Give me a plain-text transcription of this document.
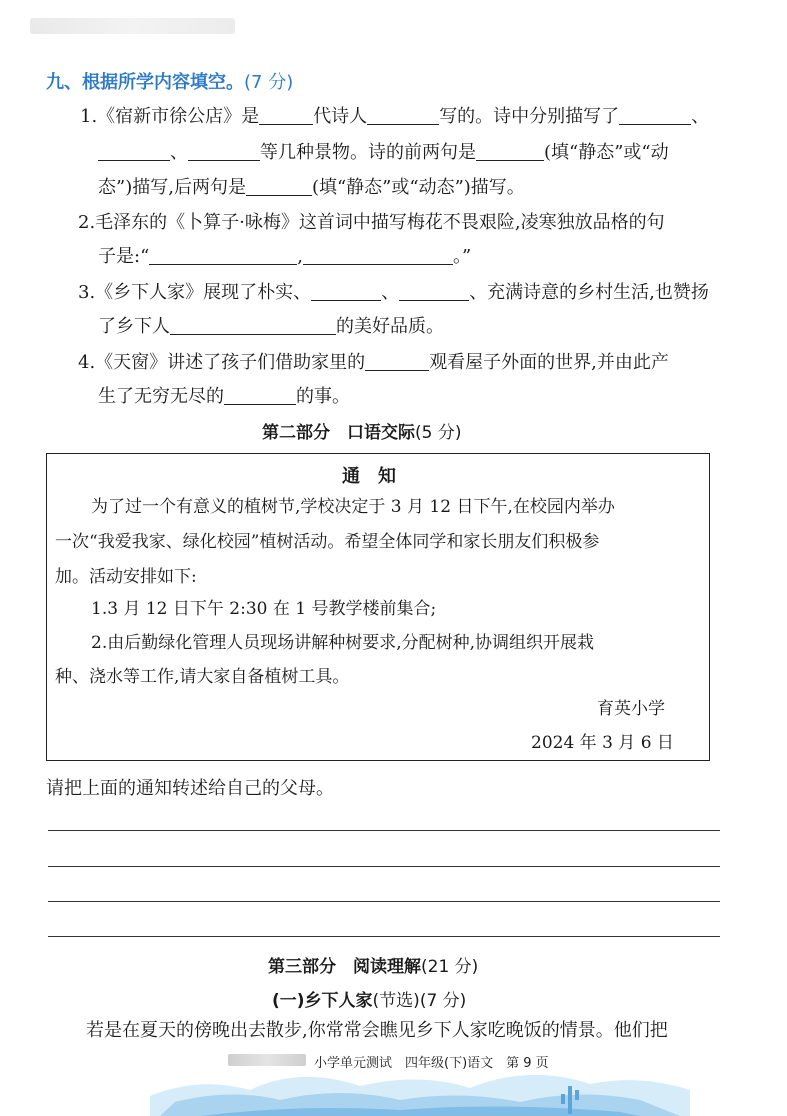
九、根据所学内容填空。(7 分)
1.《宿新市徐公店》是	代诗人	写的。诗中分别描写了	、
、	等几种景物。诗的前两句是	(填“静态”或“动
态”)描写,后两句是	(填“静态”或“动态”)描写。
2.毛泽东的《卜算子·咏梅》这首词中描写梅花不畏艰险,凌寒独放品格的句
子是:“	,	。”
3.《乡下人家》展现了朴实、	、	、充满诗意的乡村生活,也赞扬
了乡下人	的美好品质。
4.《天窗》讲述了孩子们借助家里的	观看屋子外面的世界,并由此产
生了无穷无尽的	的事。
第二部分　口语交际(5 分)
通知
为了过一个有意义的植树节,学校决定于 3 月 12 日下午,在校园内举办
一次“我爱我家、绿化校园”植树活动。希望全体同学和家长朋友们积极参
加。活动安排如下:
1.3 月 12 日下午 2:30 在 1 号教学楼前集合;
2.由后勤绿化管理人员现场讲解种树要求,分配树种,协调组织开展栽
种、浇水等工作,请大家自备植树工具。
育英小学
2024 年 3 月 6 日
请把上面的通知转述给自己的父母。
第三部分　阅读理解(21 分)
(一)乡下人家(节选)(7 分)
若是在夏天的傍晚出去散步,你常常会瞧见乡下人家吃晚饭的情景。他们把
小学单元测试　四年级(下)语文　第 9 页
